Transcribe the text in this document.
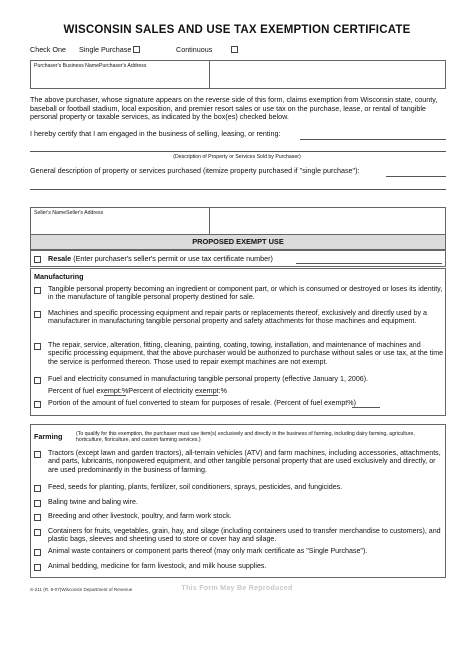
WISCONSIN SALES AND USE TAX EXEMPTION CERTIFICATE
Check One Single Purchase	Continuous
Purchaser's Business NamePurchaser's Address
The above purchaser, whose signature appears on the reverse side of this form, claims exemption from Wisconsin state, county, baseball or football stadium, local exposition, and premier resort sales or use tax on the purchase, lease, or rental of tangible personal property or taxable services, as indicated by the box(es) checked below.
I hereby certify that I am engaged in the business of selling, leasing, or renting:
(Description of Property or Services Sold by Purchaser)
General description of property or services purchased (itemize property purchased if "single purchase"):
Seller's NameSeller's Address
PROPOSED EXEMPT USE
Resale (Enter purchaser's seller's permit or use tax certificate number)
Manufacturing
Tangible personal property becoming an ingredient or component part, or which is consumed or destroyed or loses its identity, in the manufacture of tangible personal property destined for sale.
Machines and specific processing equipment and repair parts or replacements thereof, exclusively and directly used by a manufacturer in manufacturing tangible personal property and safety attachments for those machines and equipment.
The repair, service, alteration, fitting, cleaning, painting, coating, towing, installation, and maintenance of machines and specific processing equipment, that the above purchaser would be authorized to purchase without sales or use tax, at the time the service is performed thereon. Those used to repair exempt machines are not exempt.
Fuel and electricity consumed in manufacturing tangible personal property (effective January 1, 2006).
Percent of fuel exempt:%Percent of electricity exempt:%
Portion of the amount of fuel converted to steam for purposes of resale. (Percent of fuel exempt%)
Farming	(To qualify for this exemption, the purchaser must use item(s) exclusively and directly in the business of farming, including dairy farming, agriculture, horticulture, floriculture, and custom farming services.)
Tractors (except lawn and garden tractors), all-terrain vehicles (ATV) and farm machines, including accessories, attachments, and parts, lubricants, nonpowered equipment, and other tangible personal property that are used exclusively and directly, or are used predominantly in the business of farming.
Feed, seeds for planting, plants, fertilizer, soil conditioners, sprays, pesticides, and fungicides.
Baling twine and baling wire.
Breeding and other livestock, poultry, and farm work stock.
Containers for fruits, vegetables, grain, hay, and silage (including containers used to transfer merchandise to customers), and plastic bags, sleeves and sheeting used to store or cover hay and silage.
Animal waste containers or component parts thereof (may only mark certificate as "Single Purchase").
Animal bedding, medicine for farm livestock, and milk house supplies.
S-211 (R. 9-07)Wisconsin Department of Revenue	This Form May Be Reproduced
